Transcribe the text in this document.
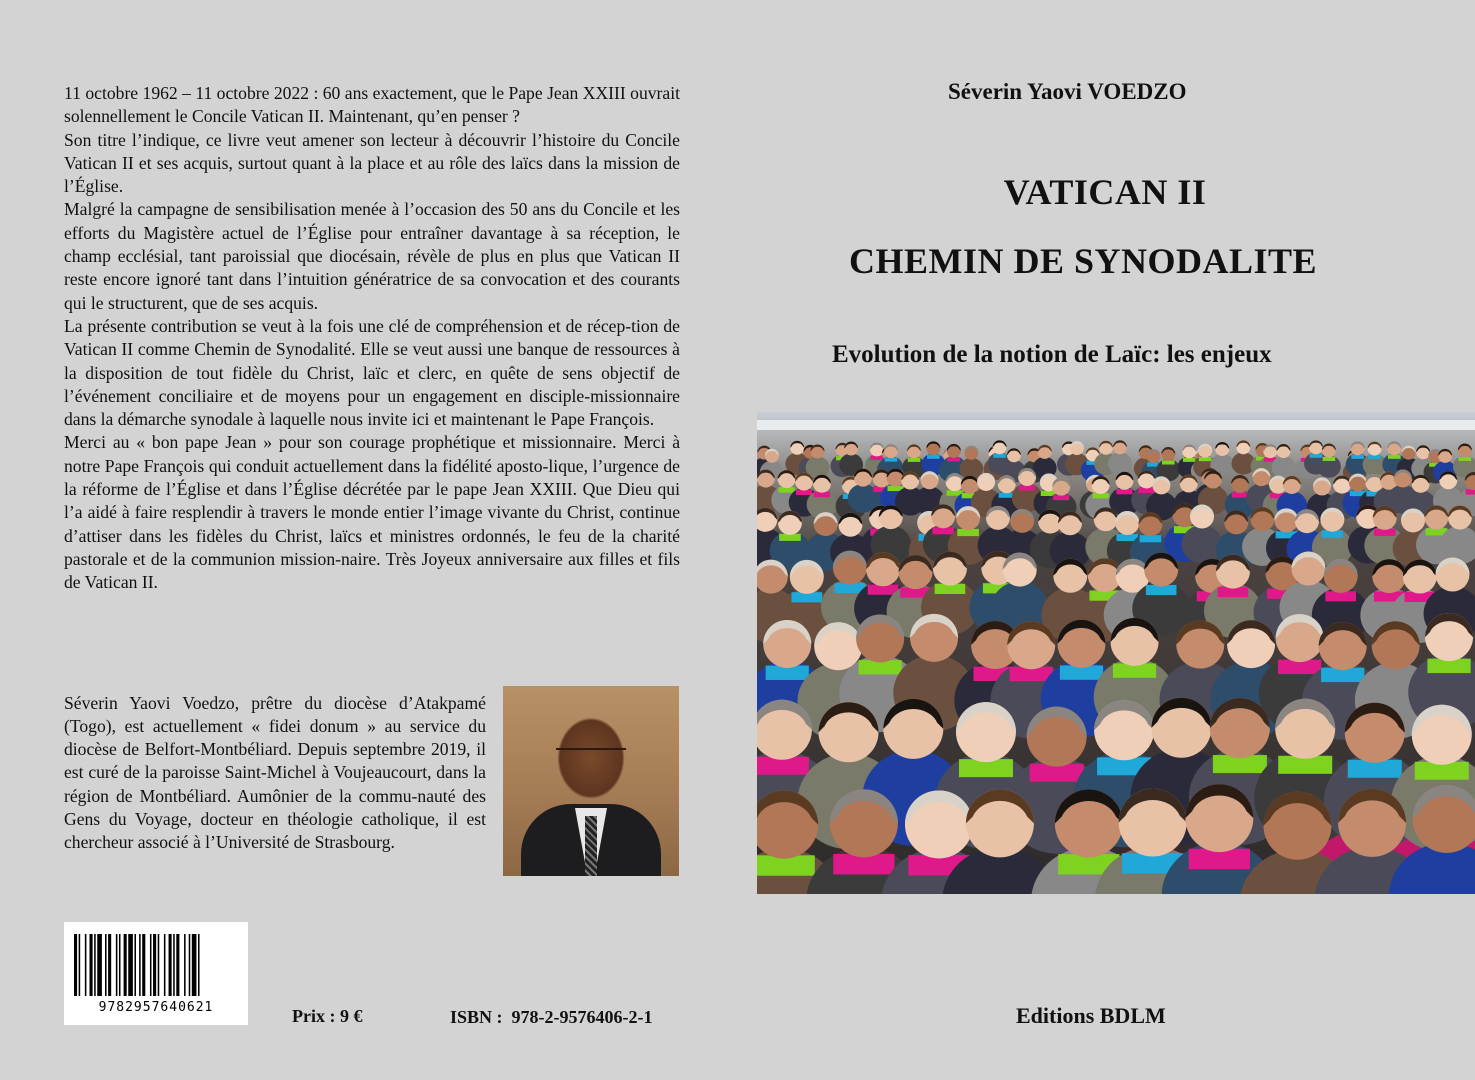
11 octobre 1962 – 11 octobre 2022 : 60 ans exactement, que le Pape Jean XXIII ouvrait solennellement le Concile Vatican II. Maintenant, qu’en penser ?

Son titre l’indique, ce livre veut amener son lecteur à découvrir l’histoire du Concile Vatican II et ses acquis, surtout quant à la place et au rôle des laïcs dans la mission de l’Église.

Malgré la campagne de sensibilisation menée à l’occasion des 50 ans du Concile et les efforts du Magistère actuel de l’Église pour entraîner davantage à sa réception, le champ ecclésial, tant paroissial que diocésain, révèle de plus en plus que Vatican II reste encore ignoré tant dans l’intuition génératrice de sa convocation et des courants qui le structurent, que de ses acquis.

La présente contribution se veut à la fois une clé de compréhension et de récep-tion de Vatican II comme Chemin de Synodalité. Elle se veut aussi une banque de ressources à la disposition de tout fidèle du Christ, laïc et clerc, en quête de sens objectif de l’événement conciliaire et de moyens pour un engagement en disciple-missionnaire dans la démarche synodale à laquelle nous invite ici et maintenant le Pape François.

Merci au « bon pape Jean » pour son courage prophétique et missionnaire. Merci à notre Pape François qui conduit actuellement dans la fidélité aposto-lique, l’urgence de la réforme de l’Église et dans l’Église décrétée par le pape Jean XXIII. Que Dieu qui l’a aidé à faire resplendir à travers le monde entier l’image vivante du Christ, continue d’attiser dans les fidèles du Christ, laïcs et ministres ordonnés, le feu de la charité pastorale et de la communion mission-naire. Très Joyeux anniversaire aux filles et fils de Vatican II.

Séverin Yaovi Voedzo, prêtre du diocèse d’Atakpamé (Togo), est actuellement « fidei donum » au service du diocèse de Belfort-Montbéliard. Depuis septembre 2019, il est curé de la paroisse Saint-Michel à Voujeaucourt, dans la région de Montbéliard. Aumônier de la commu-nauté des Gens du Voyage, docteur en théologie catholique, il est chercheur associé à l’Université de Strasbourg.

9782957640621	Prix : 9 €	ISBN :  978-2-9576406-2-1
Séverin Yaovi VOEDZO
VATICAN II
CHEMIN DE SYNODALITE
Evolution de la notion de Laïc: les enjeux
Editions BDLM
